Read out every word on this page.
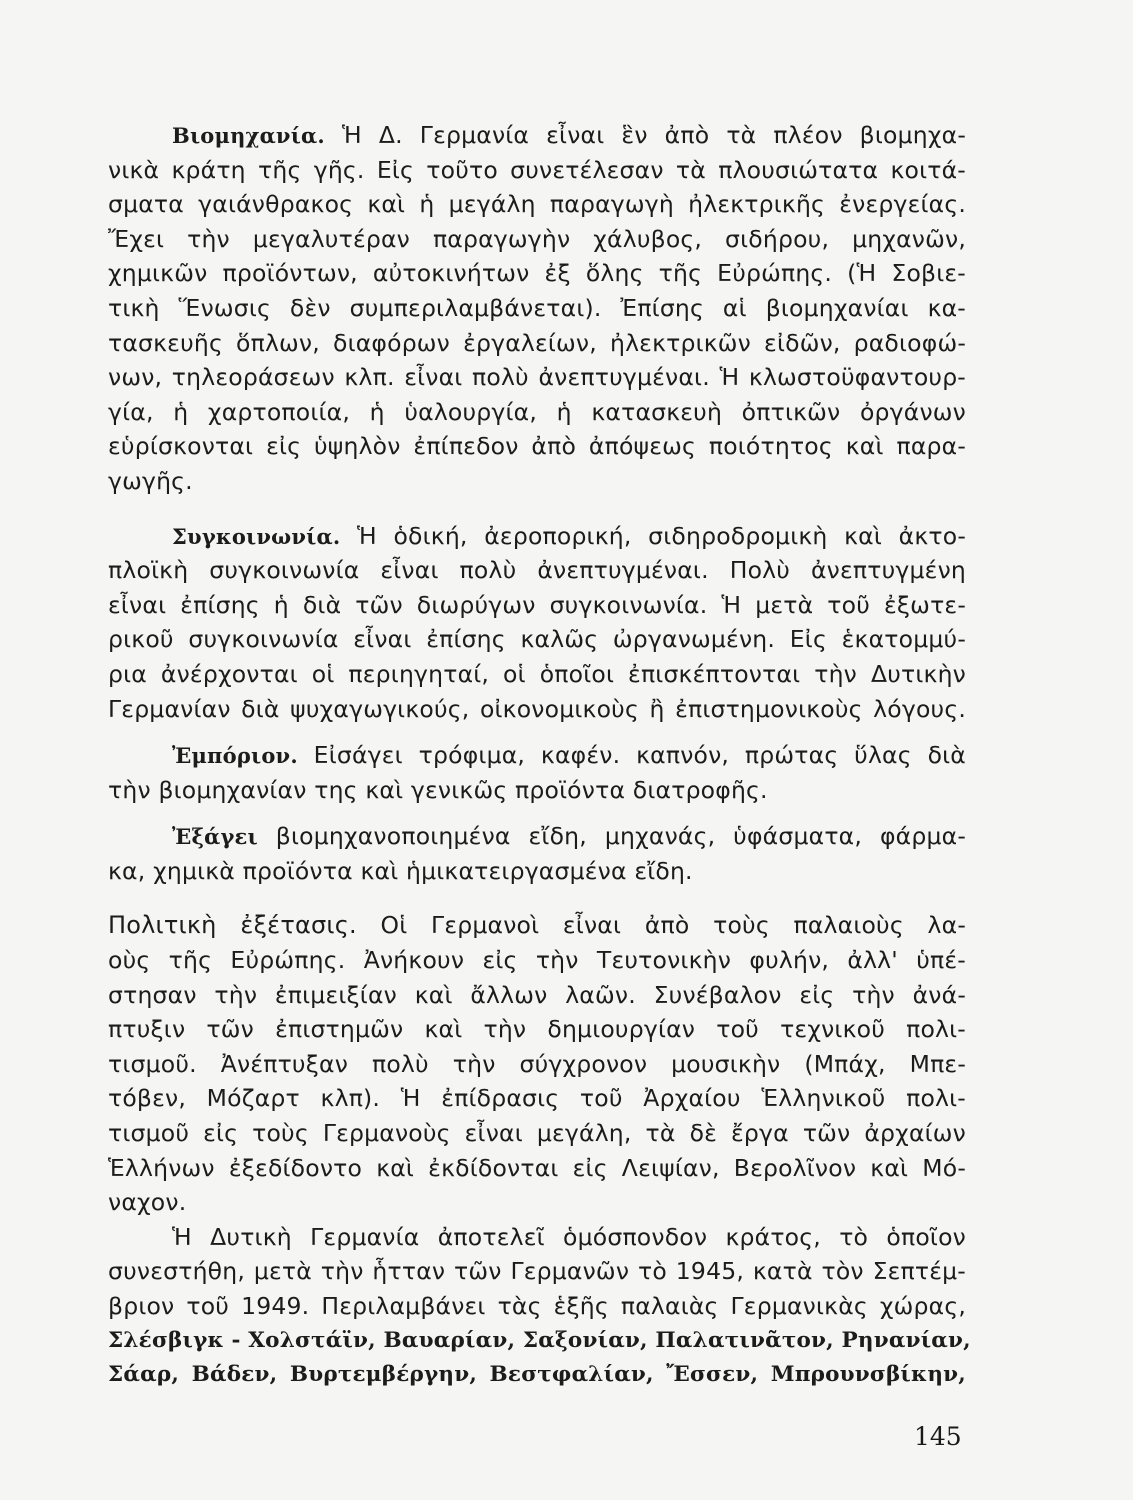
Βιομηχανία. Ἡ Δ. Γερμανία εἶναι ἓν ἀπὸ τὰ πλέον βιομηχα-
νικὰ κράτη τῆς γῆς. Εἰς τοῦτο συνετέλεσαν τὰ πλουσιώτατα κοιτά-
σματα γαιάνθρακος καὶ ἡ μεγάλη παραγωγὴ ἠλεκτρικῆς ἐνεργείας.
Ἔχει τὴν μεγαλυτέραν παραγωγὴν χάλυβος, σιδήρου, μηχανῶν,
χημικῶν προϊόντων, αὐτοκινήτων ἐξ ὅλης τῆς Εὐρώπης. (Ἡ Σοβιε-
τικὴ Ἕνωσις δὲν συμπεριλαμβάνεται). Ἐπίσης αἱ βιομηχανίαι κα-
τασκευῆς ὅπλων, διαφόρων ἐργαλείων, ἠλεκτρικῶν εἰδῶν, ραδιοφώ-
νων, τηλεοράσεων κλπ. εἶναι πολὺ ἀνεπτυγμέναι. Ἡ κλωστοϋφαντουρ-
γία, ἡ χαρτοποιία, ἡ ὑαλουργία, ἡ κατασκευὴ ὀπτικῶν ὀργάνων
εὑρίσκονται εἰς ὑψηλὸν ἐπίπεδον ἀπὸ ἀπόψεως ποιότητος καὶ παρα-
γωγῆς.
Συγκοινωνία. Ἡ ὁδική, ἀεροπορική, σιδηροδρομικὴ καὶ ἀκτο-
πλοϊκὴ συγκοινωνία εἶναι πολὺ ἀνεπτυγμέναι. Πολὺ ἀνεπτυγμένη
εἶναι ἐπίσης ἡ διὰ τῶν διωρύγων συγκοινωνία. Ἡ μετὰ τοῦ ἐξωτε-
ρικοῦ συγκοινωνία εἶναι ἐπίσης καλῶς ὠργανωμένη. Εἰς ἑκατομμύ-
ρια ἀνέρχονται οἱ περιηγηταί, οἱ ὁποῖοι ἐπισκέπτονται τὴν Δυτικὴν
Γερμανίαν διὰ ψυχαγωγικούς, οἰκονομικοὺς ἢ ἐπιστημονικοὺς λόγους.
Ἐμπόριον. Εἰσάγει τρόφιμα, καφέν. καπνόν, πρώτας ὕλας διὰ
τὴν βιομηχανίαν της καὶ γενικῶς προϊόντα διατροφῆς.
Ἐξάγει βιομηχανοποιημένα εἴδη, μηχανάς, ὑφάσματα, φάρμα-
κα, χημικὰ προϊόντα καὶ ἡμικατειργασμένα εἴδη.
Πολιτικὴ ἐξέτασις. Οἱ Γερμανοὶ εἶναι ἀπὸ τοὺς παλαιοὺς λα-
οὺς τῆς Εὐρώπης. Ἀνήκουν εἰς τὴν Τευτονικὴν φυλήν, ἀλλ' ὑπέ-
στησαν τὴν ἐπιμειξίαν καὶ ἄλλων λαῶν. Συνέβαλον εἰς τὴν ἀνά-
πτυξιν τῶν ἐπιστημῶν καὶ τὴν δημιουργίαν τοῦ τεχνικοῦ πολι-
τισμοῦ. Ἀνέπτυξαν πολὺ τὴν σύγχρονον μουσικὴν (Μπάχ, Μπε-
τόβεν, Μόζαρτ κλπ). Ἡ ἐπίδρασις τοῦ Ἀρχαίου Ἑλληνικοῦ πολι-
τισμοῦ εἰς τοὺς Γερμανοὺς εἶναι μεγάλη, τὰ δὲ ἔργα τῶν ἀρχαίων
Ἑλλήνων ἐξεδίδοντο καὶ ἐκδίδονται εἰς Λειψίαν, Βερολῖνον καὶ Μό-
ναχον.
Ἡ Δυτικὴ Γερμανία ἀποτελεῖ ὁμόσπονδον κράτος, τὸ ὁποῖον
συνεστήθη, μετὰ τὴν ἧτταν τῶν Γερμανῶν τὸ 1945, κατὰ τὸν Σεπτέμ-
βριον τοῦ 1949. Περιλαμβάνει τὰς ἑξῆς παλαιὰς Γερμανικὰς χώρας,
Σλέσβιγκ - Χολστάϊν, Βαυαρίαν, Σαξονίαν, Παλατινᾶτον, Ρηνανίαν,
Σάαρ, Βάδεν, Βυρτεμβέργην, Βεστφαλίαν, Ἔσσεν, Μπρουνσβίκην,
145
